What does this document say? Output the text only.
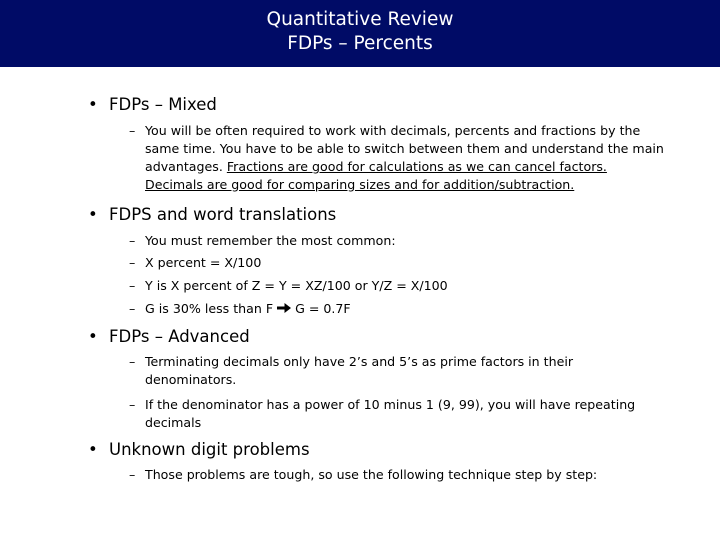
Quantitative Review
FDPs – Percents
• FDPs – Mixed
– You will be often required to work with decimals, percents and fractions by the same time. You have to be able to switch between them and understand the main advantages. Fractions are good for calculations as we can cancel factors. Decimals are good for comparing sizes and for addition/subtraction.
• FDPS and word translations
– You must remember the most common:
– X percent = X/100
– Y is X percent of Z = Y = XZ/100 or Y/Z = X/100
– G is 30% less than F  G = 0.7F
• FDPs – Advanced
– Terminating decimals only have 2’s and 5’s as prime factors in their denominators.
– If the denominator has a power of 10 minus 1 (9, 99), you will have repeating decimals
• Unknown digit problems
– Those problems are tough, so use the following technique step by step:
